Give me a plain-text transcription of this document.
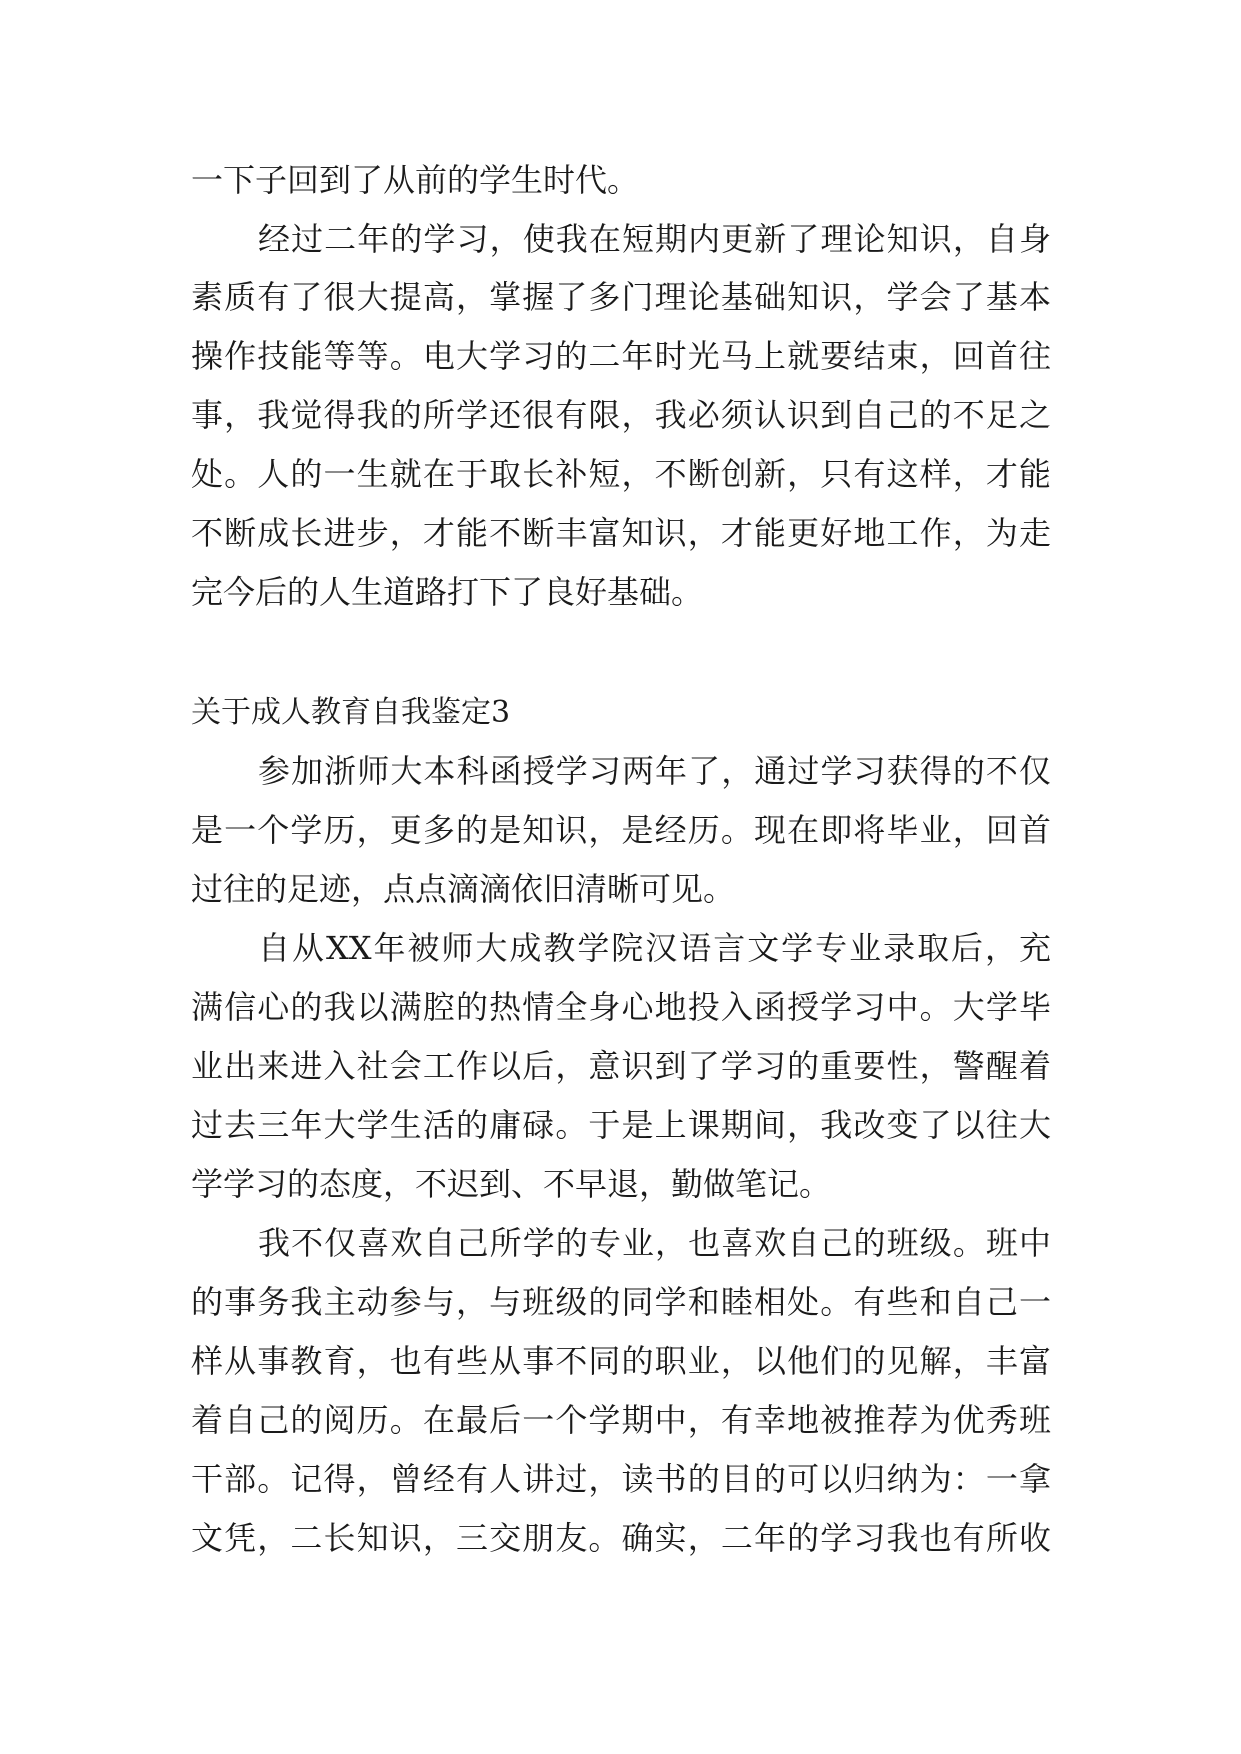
一下子回到了从前的学生时代。
经过二年的学习，使我在短期内更新了理论知识，自身
素质有了很大提高，掌握了多门理论基础知识，学会了基本
操作技能等等。电大学习的二年时光马上就要结束，回首往
事，我觉得我的所学还很有限，我必须认识到自己的不足之
处。人的一生就在于取长补短，不断创新，只有这样，才能
不断成长进步，才能不断丰富知识，才能更好地工作，为走
完今后的人生道路打下了良好基础。
关于成人教育自我鉴定3
参加浙师大本科函授学习两年了，通过学习获得的不仅
是一个学历，更多的是知识，是经历。现在即将毕业，回首
过往的足迹，点点滴滴依旧清晰可见。
自从XX年被师大成教学院汉语言文学专业录取后，充
满信心的我以满腔的热情全身心地投入函授学习中。大学毕
业出来进入社会工作以后，意识到了学习的重要性，警醒着
过去三年大学生活的庸碌。于是上课期间，我改变了以往大
学学习的态度，不迟到、不早退，勤做笔记。
我不仅喜欢自己所学的专业，也喜欢自己的班级。班中
的事务我主动参与，与班级的同学和睦相处。有些和自己一
样从事教育，也有些从事不同的职业，以他们的见解，丰富
着自己的阅历。在最后一个学期中，有幸地被推荐为优秀班
干部。记得，曾经有人讲过，读书的目的可以归纳为：一拿
文凭，二长知识，三交朋友。确实，二年的学习我也有所收
